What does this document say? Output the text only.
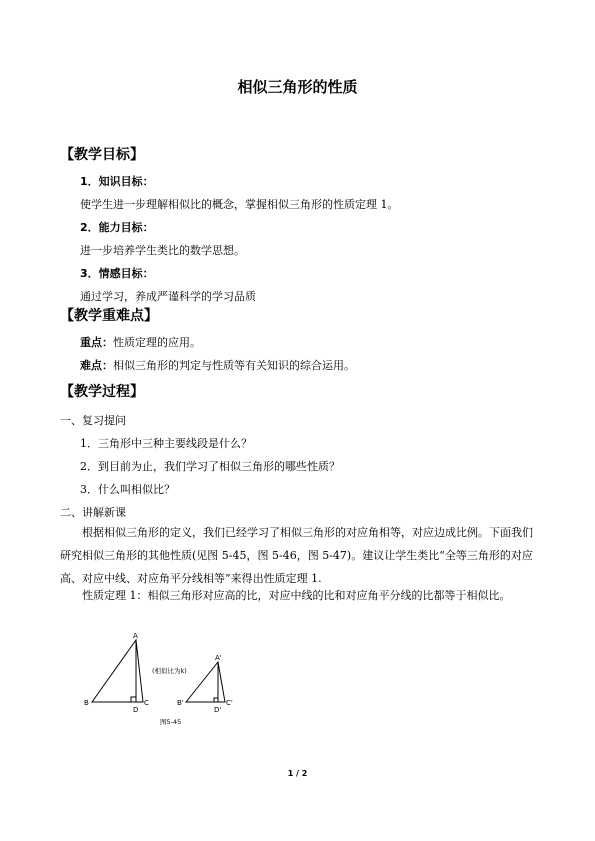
相似三角形的性质
【教学目标】
1．知识目标：
使学生进一步理解相似比的概念，掌握相似三角形的性质定理 1。
2．能力目标：
进一步培养学生类比的数学思想。
3．情感目标：
通过学习，养成严谨科学的学习品质
【教学重难点】
重点：性质定理的应用。
难点：相似三角形的判定与性质等有关知识的综合运用。
【教学过程】
一、复习提问
1．三角形中三种主要线段是什么？
2．到目前为止，我们学习了相似三角形的哪些性质？
3．什么叫相似比？
二、讲解新课
根据相似三角形的定义，我们已经学习了相似三角形的对应角相等，对应边成比例。下面我们研究相似三角形的其他性质(见图 5-45，图 5-46，图 5-47)。建议让学生类比“全等三角形的对应高、对应中线、对应角平分线相等”来得出性质定理 1.
性质定理 1：相似三角形对应高的比，对应中线的比和对应角平分线的比都等于相似比。
A
B	C
D
A'
B'	C'
D'
(相似比为k)
图5-45
1 / 2
